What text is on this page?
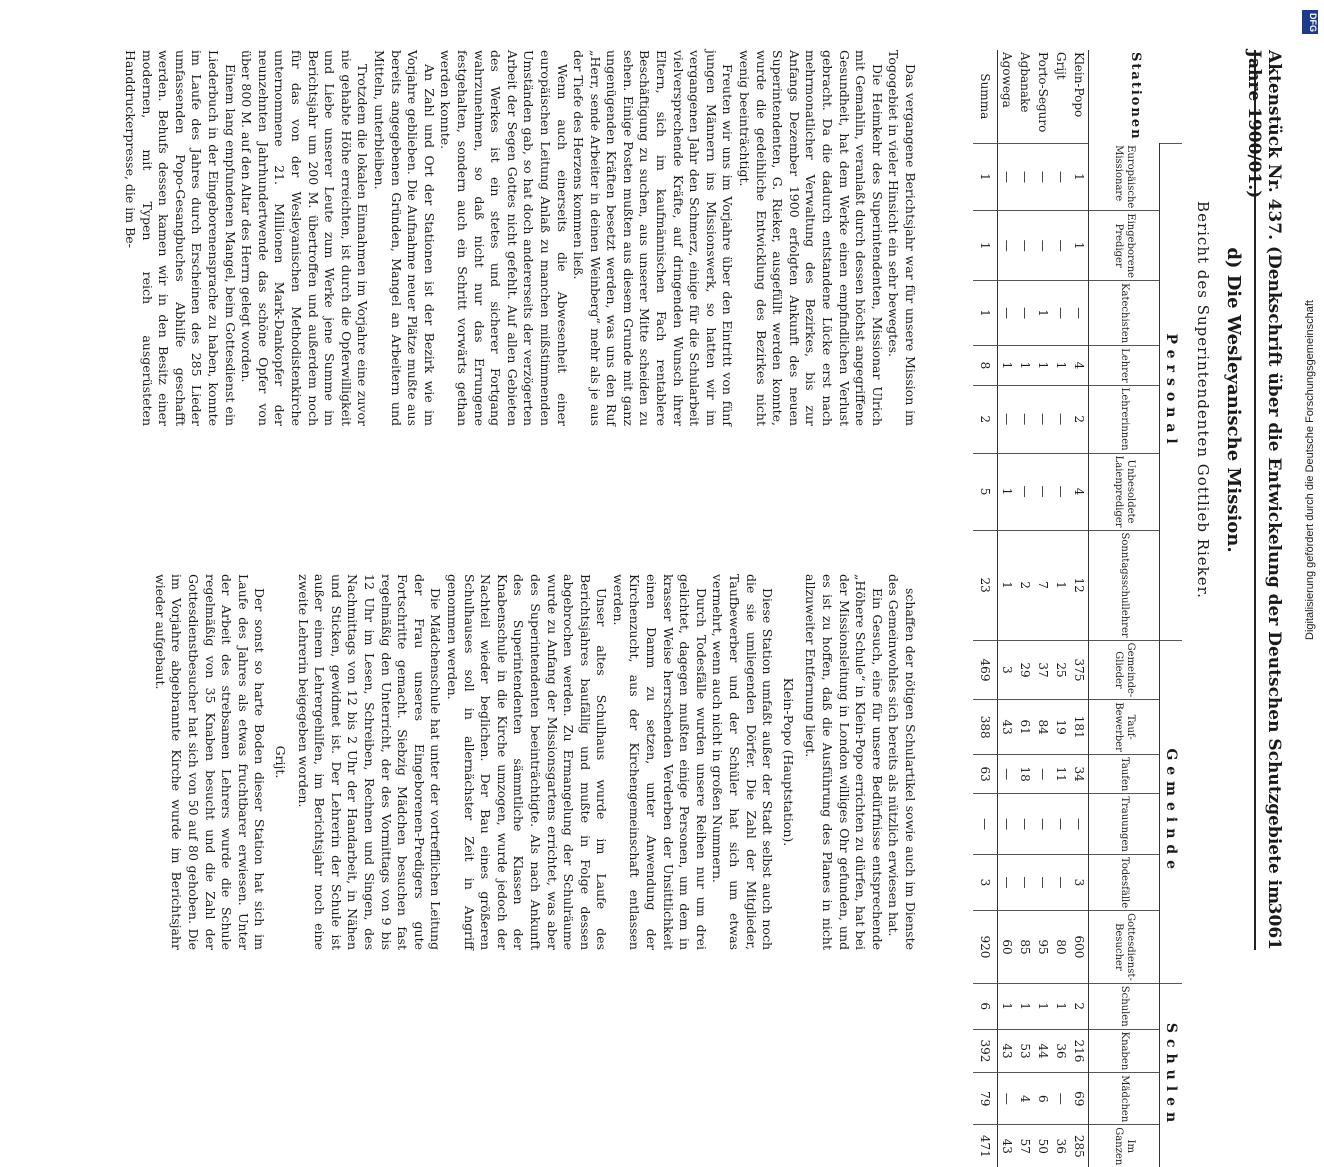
Aktenstück Nr. 437. (Denkschrift über die Entwickelung der Deutschen Schutzgebiete im Jahre 1900/01.)
3061
d) Die Wesleyanische Mission.
Bericht des Superintendenten Gottlieb Rieker.
Stationen	Personal							Gemeinde						Schulen			
	Europäische Missionare	Eingeborene Prediger	Katechisten	Lehrer	Lehrerinnen	Unbesoldete Laienprediger	Sonntagsschullehrer	Gemeinde-Glieder	Tauf-Bewerber	Taufen	Trauungen	Todesfälle	Gottesdienst-Besucher	Schulen	Knaben	Mädchen	Im Ganzen
Klein-Popo	1	1	—	4	2	4	12	375	181	34	—	3	600	2	216	69	285
Grijt	—	—	—	1	—	—	1	25	19	11	—	—	80	1	36	—	36
Porto-Seguro	—	—	1	1	—	—	7	37	84	—	—	—	95	1	44	6	50
Agbanake	—	—	—	1	—	—	2	29	61	18	—	—	85	1	53	4	57
Agowega	—	—	—	1	—	1	1	3	43	—	—	—	60	1	43	—	43
Summa	1	1	1	8	2	5	23	469	388	63	—	3	920	6	392	79	471

Das vergangene Berichtsjahr war für unsere Mission im Togogebiet in vieler Hinsicht ein sehr bewegtes.

Die Heimkehr des Superintendenten, Missionar Ulrich mit Gemahlin, veranlaßt durch dessen höchst angegriffene Gesundheit, hat dem Werke einen empfindlichen Verlust gebracht. Da die dadurch entstandene Lücke erst nach mehrmonatlicher Verwaltung des Bezirkes, bis zur Anfangs Dezember 1900 erfolgten Ankunft des neuen Superintendenten, G. Rieker, ausgefüllt werden konnte, wurde die gedeihliche Entwicklung des Bezirkes nicht wenig beeinträchtigt.

Freuten wir uns im Vorjahre über den Eintritt von fünf jungen Männern ins Missionswerk, so hatten wir im vergangenen Jahr den Schmerz, einige für die Schularbeit vielversprechende Kräfte, auf dringenden Wunsch ihrer Eltern, sich im kaufmännischen Fach rentablere Beschäftigung zu suchen, aus unserer Mitte scheiden zu sehen. Einige Posten mußten aus diesem Grunde mit ganz ungenügenden Kräften besetzt werden, was uns den Ruf „Herr, sende Arbeiter in deinen Weinberg“ mehr als je aus der Tiefe des Herzens kommen ließ.

Wenn auch einerseits die Abwesenheit einer europäischen Leitung Anlaß zu manchen mißstimmenden Umständen gab, so hat doch andererseits der verzögerten Arbeit der Segen Gottes nicht gefehlt. Auf allen Gebieten des Werkes ist ein stetes und sicherer Fortgang wahrzunehmen, so daß nicht nur das Errungene festgehalten, sondern auch ein Schritt vorwärts gethan werden konnte.

An Zahl und Ort der Stationen ist der Bezirk wie im Vorjahre geblieben. Die Aufnahme neuer Plätze mußte aus bereits angegebenen Gründen, Mangel an Arbeitern und Mitteln, unterbleiben.

Trotzdem die lokalen Einnahmen im Vorjahre eine zuvor nie gehabte Höhe erreichten, ist durch die Opferwilligkeit und Liebe unserer Leute zum Werke jene Summe im Berichtsjahr um 200 M. übertroffen und außerdem noch für das von der Wesleyanischen Methodistenkirche unternommene 21. Millionen Mark-Dankopfer der neunzehnten Jahrhundertwende das schöne Opfer von über 800 M. auf den Altar des Herrn gelegt worden.

Einem lang empfundenen Mangel, beim Gottesdienst ein Liederbuch in der Eingeborenensprache zu haben, konnte im Laufe des Jahres durch Erscheinen des 285 Lieder umfassenden Popo-Gesangbuches Abhilfe geschafft werden. Behufs dessen kamen wir in den Besitz einer modernen, mit Typen reich ausgerüsteten Handdruckerpresse, die im Be-

schaffen der nötigen Schulartikel sowie auch im Dienste des Gemeinwohles sich bereits als nützlich erwiesen hat.

Ein Gesuch, eine für unsere Bedürfnisse entsprechende „Höhere Schule“ in Klein-Popo errichten zu dürfen, hat bei der Missionsleitung in London williges Ohr gefunden, und es ist zu hoffen, daß die Ausführung des Planes in nicht allzuweiter Entfernung liegt.

Klein-Popo (Hauptstation).

Diese Station umfaßt außer der Stadt selbst auch noch die sie umliegenden Dörfer. Die Zahl der Mitglieder, Taufbewerber und der Schüler hat sich um etwas vermehrt, wenn auch nicht in großen Nummern.

Durch Todesfälle wurden unsere Reihen nur um drei gelichtet, dagegen mußten einige Personen, um dem in krasser Weise herrschenden Verderben der Unsittlichkeit einen Damm zu setzen, unter Anwendung der Kirchenzucht, aus der Kirchengemeinschaft entlassen werden.

Unser altes Schulhaus wurde im Laufe des Berichtsjahres baufällig und mußte in Folge dessen abgebrochen werden. Zu Ermangelung der Schulräume wurde zu Anfang der Missionsgartens errichtet, was aber des Superintendenten beeinträchtigte. Als nach Ankunft des Superintendenten sämmtliche Klassen der Knabenschule in die Kirche umzogen, wurde jedoch der Nachteil wieder beglichen. Der Bau eines größeren Schulhauses soll in allernächster Zeit in Angriff genommen werden.

Die Mädchenschule hat unter der vortrefflichen Leitung der Frau unseres Eingeborenen-Predigers gute Fortschritte gemacht. Siebzig Mädchen besuchen fast regelmäßig den Unterricht, der des Vormittags von 9 bis 12 Uhr im Lesen, Schreiben, Rechnen und Singen, des Nachmittags von 12 bis 2 Uhr der Handarbeit, in Nähen und Sticken, gewidmet ist. Der Lehrerin der Schule ist außer einem Lehrergehilfen, im Berichtsjahr noch eine zweite Lehrerin beigegeben worden.

Grijt.

Der sonst so harte Boden dieser Station hat sich im Laufe des Jahres als etwas fruchtbarer erwiesen. Unter der Arbeit des strebsamen Lehrers wurde die Schule regelmäßig von 35 Knaben besucht und die Zahl der Gottesdienstbesucher hat sich von 50 auf 80 gehoben. Die im Vorjahre abgebrannte Kirche wurde im Berichtsjahr wieder aufgebaut.

DFG
Digitalisierung gefördert durch die Deutsche Forschungsgemeinschaft
